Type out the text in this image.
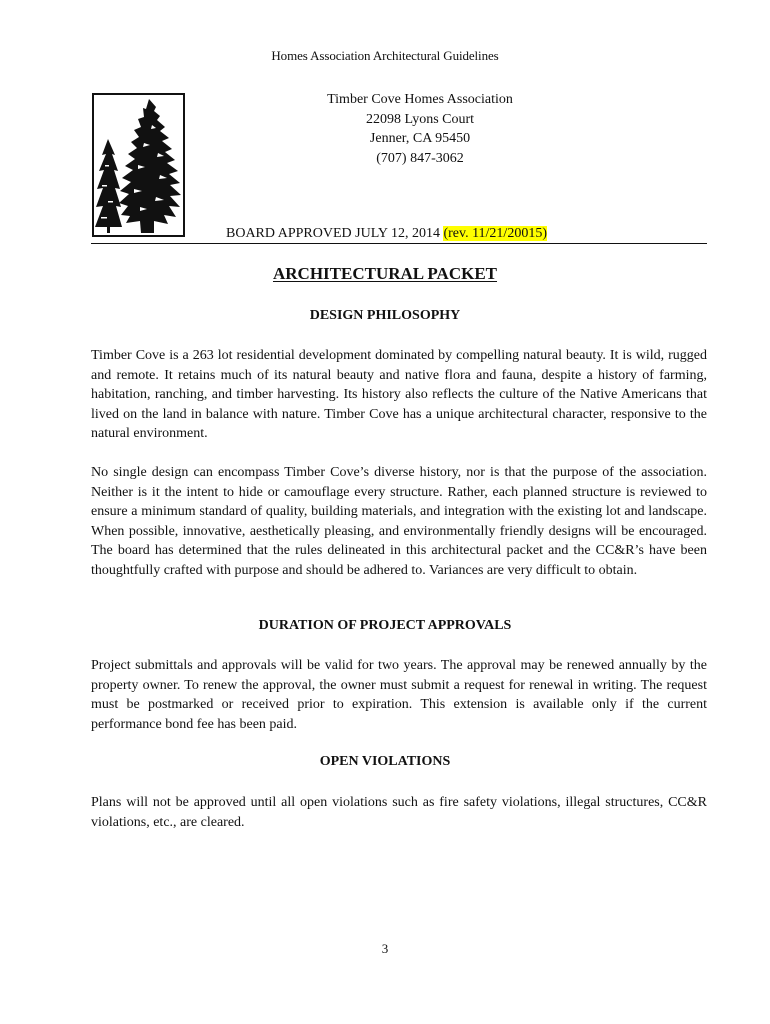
Homes Association Architectural Guidelines
Timber Cove Homes Association
22098 Lyons Court
Jenner, CA 95450
(707) 847-3062
BOARD APPROVED JULY 12, 2014 (rev. 11/21/20015)
ARCHITECTURAL PACKET
DESIGN PHILOSOPHY

Timber Cove is a 263 lot residential development dominated by compelling natural beauty. It is wild, rugged and remote. It retains much of its natural beauty and native flora and fauna, despite a history of farming, habitation, ranching, and timber harvesting. Its history also reflects the culture of the Native Americans that lived on the land in balance with nature. Timber Cove has a unique architectural character, responsive to the natural environment.

No single design can encompass Timber Cove’s diverse history, nor is that the purpose of the association. Neither is it the intent to hide or camouflage every structure. Rather, each planned structure is reviewed to ensure a minimum standard of quality, building materials, and integration with the existing lot and landscape. When possible, innovative, aesthetically pleasing, and environmentally friendly designs will be encouraged. The board has determined that the rules delineated in this architectural packet and the CC&R’s have been thoughtfully crafted with purpose and should be adhered to. Variances are very difficult to obtain.

DURATION OF PROJECT APPROVALS

Project submittals and approvals will be valid for two years. The approval may be renewed annually by the property owner. To renew the approval, the owner must submit a request for renewal in writing. The request must be postmarked or received prior to expiration. This extension is available only if the current performance bond fee has been paid.

OPEN VIOLATIONS

Plans will not be approved until all open violations such as fire safety violations, illegal structures, CC&R violations, etc., are cleared.

3
